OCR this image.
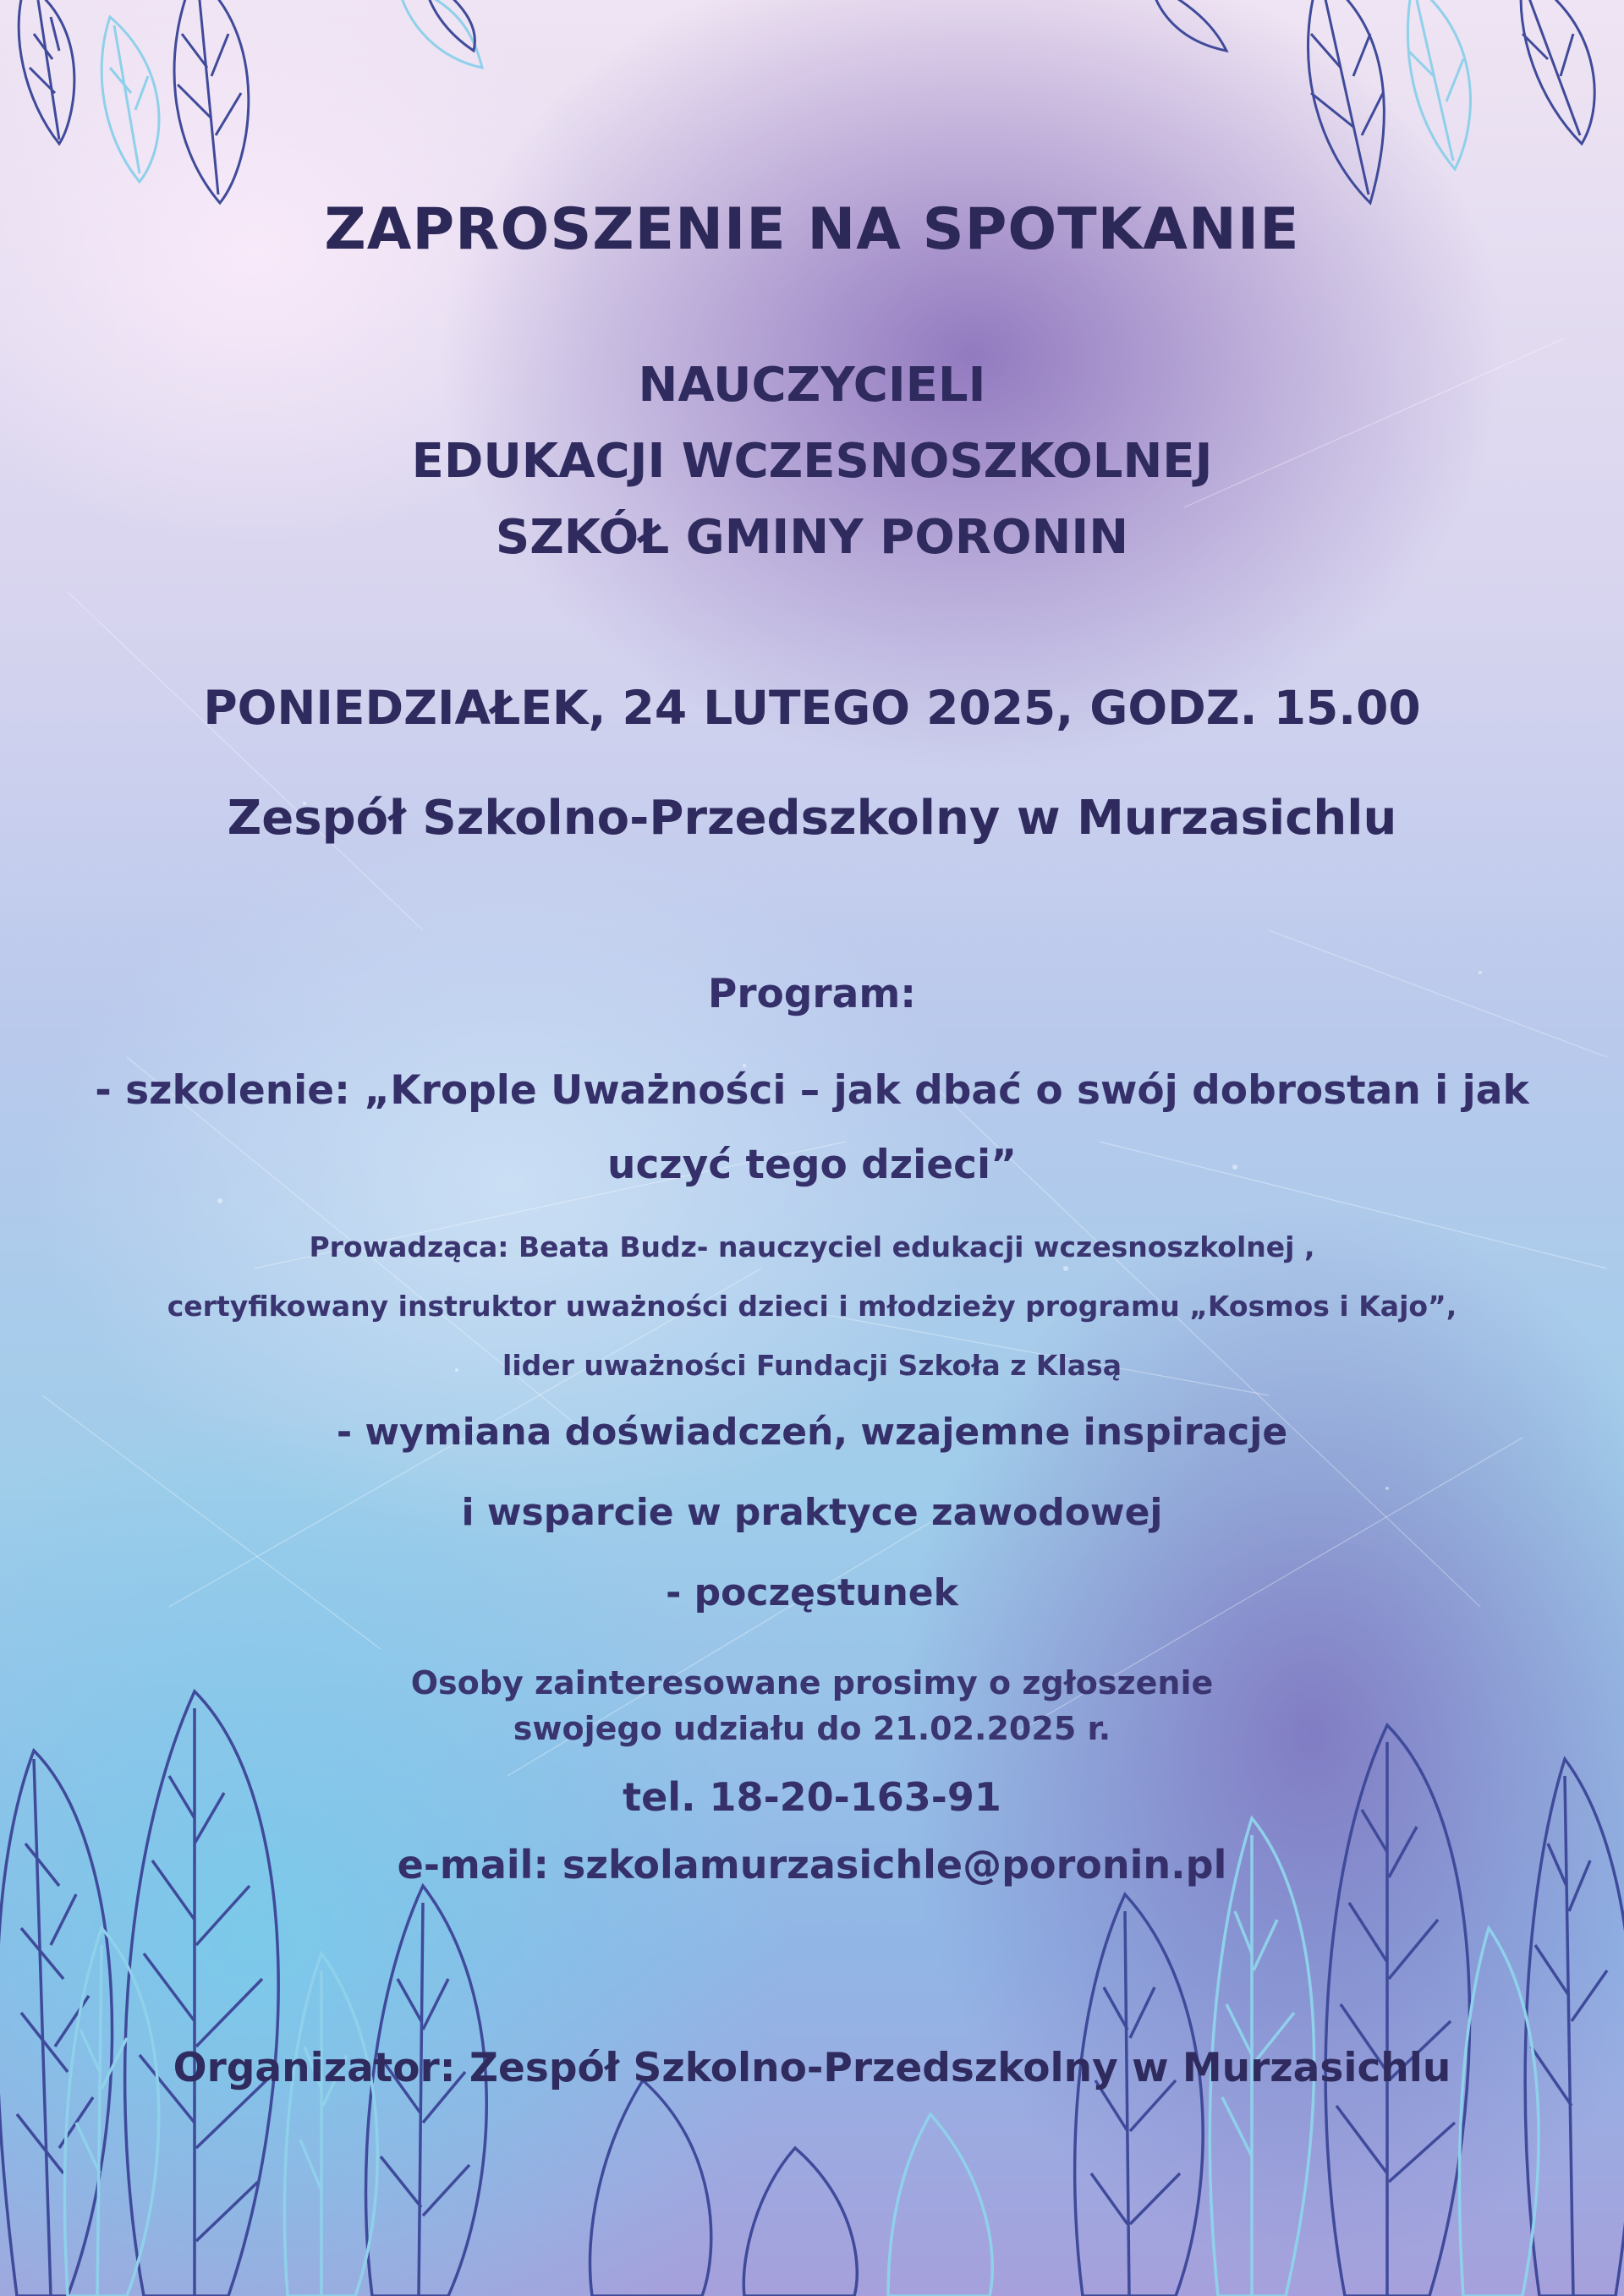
ZAPROSZENIE NA SPOTKANIE
NAUCZYCIELI
EDUKACJI WCZESNOSZKOLNEJ
SZKÓŁ GMINY PORONIN
PONIEDZIAŁEK, 24 LUTEGO 2025, GODZ. 15.00
Zespół Szkolno-Przedszkolny w Murzasichlu
Program:
- szkolenie: „Krople Uważności – jak dbać o swój dobrostan i jak
uczyć tego dzieci”
Prowadząca: Beata Budz- nauczyciel edukacji wczesnoszkolnej ,
certyfikowany instruktor uważności dzieci i młodzieży programu „Kosmos i Kajo”,
lider uważności Fundacji Szkoła z Klasą
- wymiana doświadczeń, wzajemne inspiracje
i wsparcie w praktyce zawodowej
- poczęstunek
Osoby zainteresowane prosimy o zgłoszenie
swojego udziału do 21.02.2025 r.
tel. 18-20-163-91
e-mail: szkolamurzasichle@poronin.pl
Organizator: Zespół Szkolno-Przedszkolny w Murzasichlu
